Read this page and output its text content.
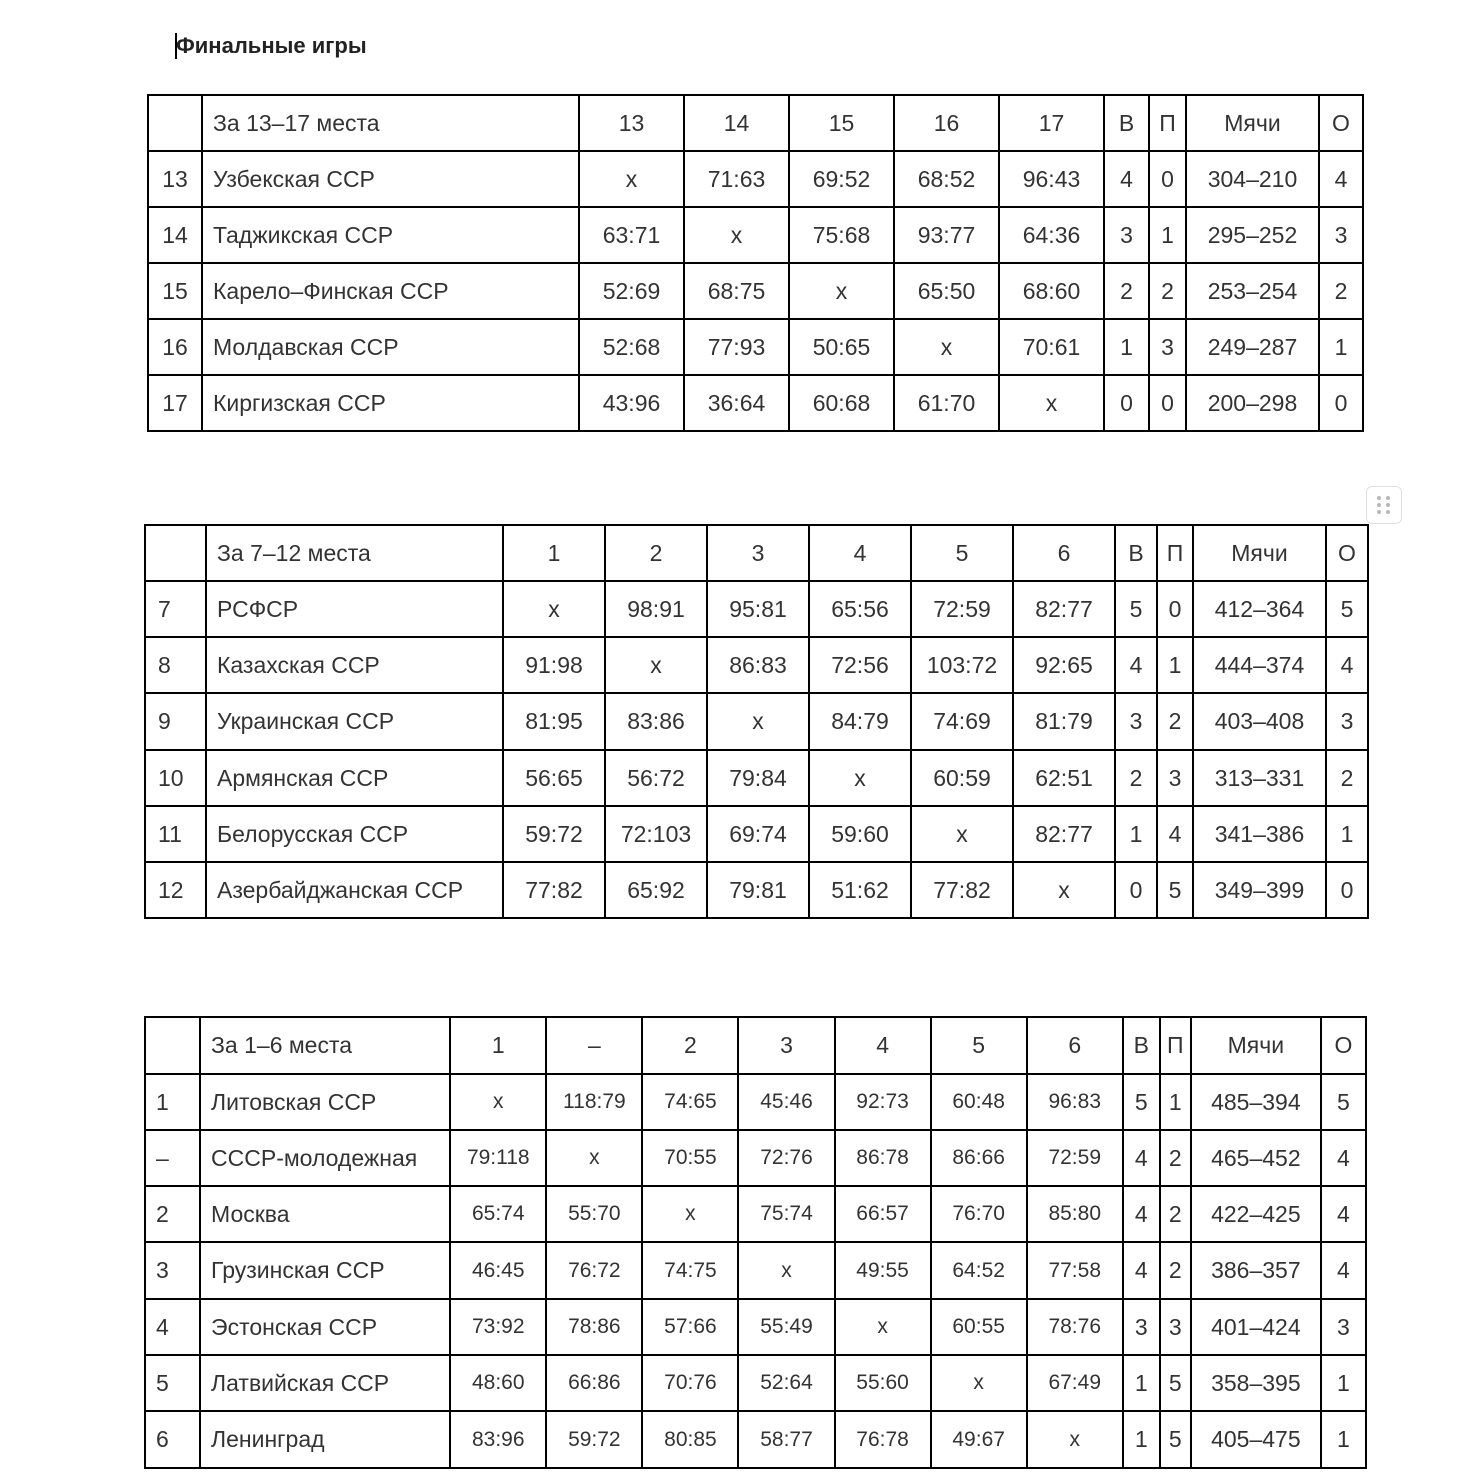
Финальные игры
	За 13–17 места	13	14	15	16	17	В	П	Мячи	О
13	Узбекская ССР	x	71:63	69:52	68:52	96:43	4	0	304–210	4
14	Таджикская ССР	63:71	x	75:68	93:77	64:36	3	1	295–252	3
15	Карело–Финская ССР	52:69	68:75	x	65:50	68:60	2	2	253–254	2
16	Молдавская ССР	52:68	77:93	50:65	x	70:61	1	3	249–287	1
17	Киргизская ССР	43:96	36:64	60:68	61:70	x	0	0	200–298	0
	За 7–12 места	1	2	3	4	5	6	В	П	Мячи	О
7	РСФСР	x	98:91	95:81	65:56	72:59	82:77	5	0	412–364	5
8	Казахская ССР	91:98	x	86:83	72:56	103:72	92:65	4	1	444–374	4
9	Украинская ССР	81:95	83:86	x	84:79	74:69	81:79	3	2	403–408	3
10	Армянская ССР	56:65	56:72	79:84	x	60:59	62:51	2	3	313–331	2
11	Белорусская ССР	59:72	72:103	69:74	59:60	x	82:77	1	4	341–386	1
12	Азербайджанская ССР	77:82	65:92	79:81	51:62	77:82	x	0	5	349–399	0
	За 1–6 места	1	–	2	3	4	5	6	В	П	Мячи	О
1	Литовская ССР	x	118:79	74:65	45:46	92:73	60:48	96:83	5	1	485–394	5
–	СССР-молодежная	79:118	x	70:55	72:76	86:78	86:66	72:59	4	2	465–452	4
2	Москва	65:74	55:70	x	75:74	66:57	76:70	85:80	4	2	422–425	4
3	Грузинская ССР	46:45	76:72	74:75	x	49:55	64:52	77:58	4	2	386–357	4
4	Эстонская ССР	73:92	78:86	57:66	55:49	x	60:55	78:76	3	3	401–424	3
5	Латвийская ССР	48:60	66:86	70:76	52:64	55:60	x	67:49	1	5	358–395	1
6	Ленинград	83:96	59:72	80:85	58:77	76:78	49:67	x	1	5	405–475	1
